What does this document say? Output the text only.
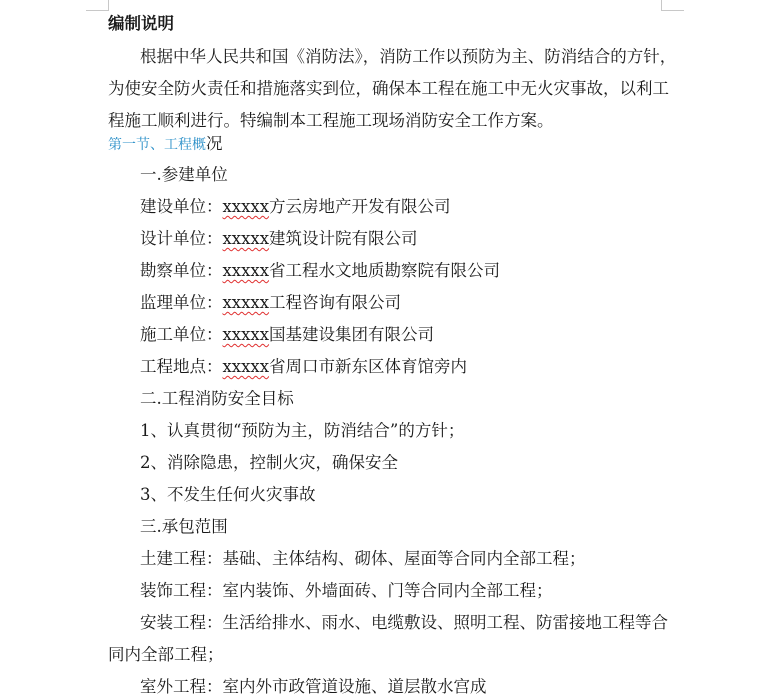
编制说明
根据中华人民共和国《消防法》，消防工作以预防为主、防消结合的方针，
为使安全防火责任和措施落实到位，确保本工程在施工中无火灾事故，以利工
程施工顺利进行。特编制本工程施工现场消防安全工作方案。
第一节、工程概况
一.参建单位
建设单位：xxxxx方云房地产开发有限公司
设计单位：xxxxx建筑设计院有限公司
勘察单位：xxxxx省工程水文地质勘察院有限公司
监理单位：xxxxx工程咨询有限公司
施工单位：xxxxx国基建设集团有限公司
工程地点：xxxxx省周口市新东区体育馆旁内
二.工程消防安全目标
1、认真贯彻“预防为主，防消结合”的方针；
2、消除隐患，控制火灾，确保安全
3、不发生任何火灾事故
三.承包范围
土建工程：基础、主体结构、砌体、屋面等合同内全部工程；
装饰工程：室内装饰、外墙面砖、门等合同内全部工程；
安装工程：生活给排水、雨水、电缆敷设、照明工程、防雷接地工程等合
同内全部工程；
室外工程：室内外市政管道设施、道层散水宫成
